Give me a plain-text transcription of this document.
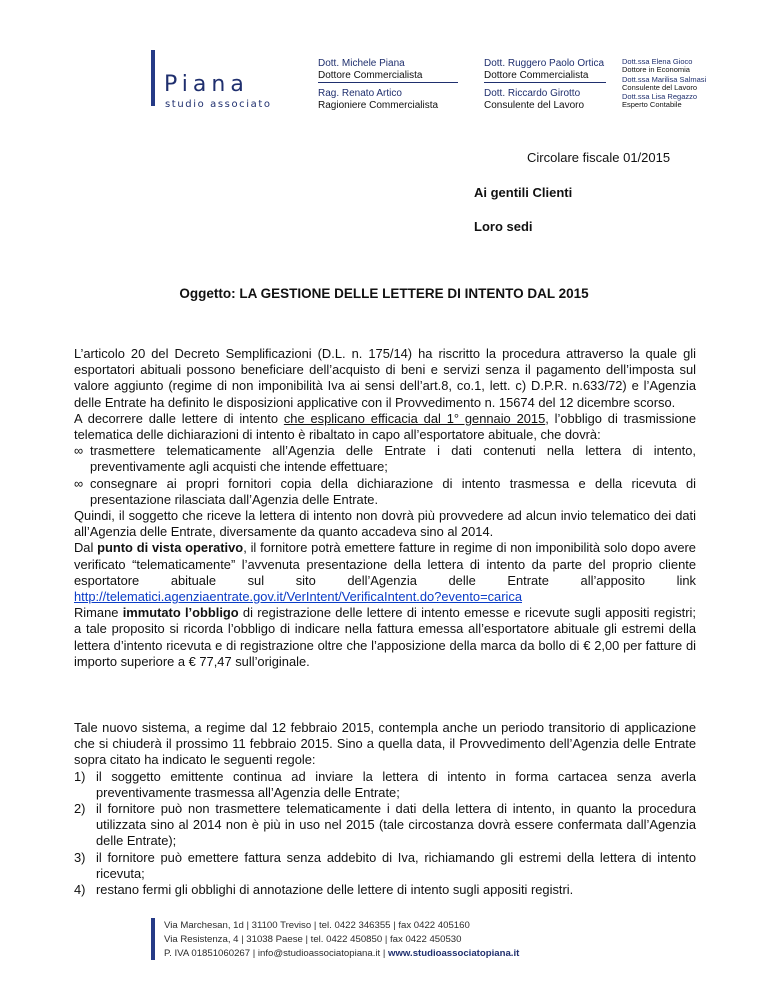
Piana
studio associato
Dott. Michele Piana
Dottore Commercialista
Rag. Renato Artico
Ragioniere Commercialista
Dott. Ruggero Paolo Ortica
Dottore Commercialista
Dott. Riccardo Girotto
Consulente del Lavoro
Dott.ssa Elena Gioco
Dottore in Economia
Dott.ssa Marilisa Salmasi
Consulente del Lavoro
Dott.ssa Lisa Regazzo
Esperto Contabile
Circolare fiscale 01/2015
Ai gentili Clienti
Loro sedi
Oggetto: LA GESTIONE DELLE LETTERE DI INTENTO DAL 2015

L’articolo 20 del Decreto Semplificazioni (D.L. n. 175/14) ha riscritto la procedura attraverso la quale gli esportatori abituali possono beneficiare dell’acquisto di beni e servizi senza il pagamento dell’imposta sul valore aggiunto (regime di non imponibilità Iva ai sensi dell’art.8, co.1, lett. c) D.P.R. n.633/72) e l’Agenzia delle Entrate ha definito le disposizioni applicative con il Provvedimento n. 15674 del 12 dicembre scorso.

A decorrere dalle lettere di intento che esplicano efficacia dal 1° gennaio 2015, l’obbligo di trasmissione telematica delle dichiarazioni di intento è ribaltato in capo all’esportatore abituale, che dovrà:

∞ trasmettere telematicamente all’Agenzia delle Entrate i dati contenuti nella lettera di intento, preventivamente agli acquisti che intende effettuare;
∞ consegnare ai propri fornitori copia della dichiarazione di intento trasmessa e della ricevuta di presentazione rilasciata dall’Agenzia delle Entrate.

Quindi, il soggetto che riceve la lettera di intento non dovrà più provvedere ad alcun invio telematico dei dati all’Agenzia delle Entrate, diversamente da quanto accadeva sino al 2014.

Dal punto di vista operativo, il fornitore potrà emettere fatture in regime di non imponibilità solo dopo avere verificato “telematicamente” l’avvenuta presentazione della lettera di intento da parte del proprio cliente esportatore abituale sul sito dell’Agenzia delle Entrate all’apposito link

http://telematici.agenziaentrate.gov.it/VerIntent/VerificaIntent.do?evento=carica

Rimane immutato l’obbligo di registrazione delle lettere di intento emesse e ricevute sugli appositi registri; a tale proposito si ricorda l’obbligo di indicare nella fattura emessa all’esportatore abituale gli estremi della lettera d’intento ricevuta e di registrazione oltre che l’apposizione della marca da bollo di € 2,00 per fatture di importo superiore a € 77,47 sull’originale.

Tale nuovo sistema, a regime dal 12 febbraio 2015, contempla anche un periodo transitorio di applicazione che si chiuderà il prossimo 11 febbraio 2015. Sino a quella data, il Provvedimento dell’Agenzia delle Entrate sopra citato ha indicato le seguenti regole:

1) il soggetto emittente continua ad inviare la lettera di intento in forma cartacea senza averla preventivamente trasmessa all’Agenzia delle Entrate;
2) il fornitore può non trasmettere telematicamente i dati della lettera di intento, in quanto la procedura utilizzata sino al 2014 non è più in uso nel 2015 (tale circostanza dovrà essere confermata dall’Agenzia delle Entrate);
3) il fornitore può emettere fattura senza addebito di Iva, richiamando gli estremi della lettera di intento ricevuta;
4) restano fermi gli obblighi di annotazione delle lettere di intento sugli appositi registri.
Via Marchesan, 1d | 31100 Treviso | tel. 0422 346355 | fax 0422 405160
Via Resistenza, 4 | 31038 Paese | tel. 0422 450850 | fax 0422 450530
P. IVA 01851060267 | info@studioassociatopiana.it | www.studioassociatopiana.it
